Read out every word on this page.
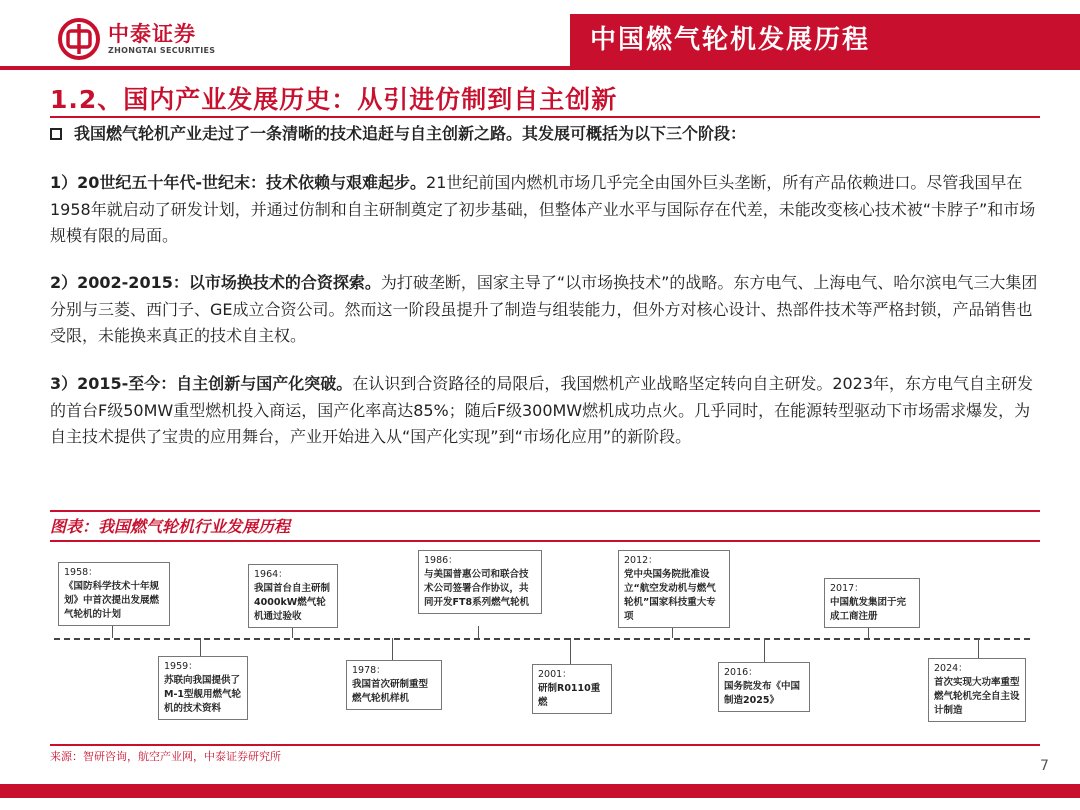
中泰证券
ZHONGTAI SECURITIES	中国燃气轮机发展历程
1.2、国内产业发展历史：从引进仿制到自主创新
我国燃气轮机产业走过了一条清晰的技术追赶与自主创新之路。其发展可概括为以下三个阶段：
1）20世纪五十年代-世纪末：技术依赖与艰难起步。21世纪前国内燃机市场几乎完全由国外巨头垄断，所有产品依赖进口。尽管我国早在1958年就启动了研发计划，并通过仿制和自主研制奠定了初步基础，但整体产业水平与国际存在代差，未能改变核心技术被“卡脖子”和市场规模有限的局面。
2）2002-2015：以市场换技术的合资探索。为打破垄断，国家主导了“以市场换技术”的战略。东方电气、上海电气、哈尔滨电气三大集团分别与三菱、西门子、GE成立合资公司。然而这一阶段虽提升了制造与组装能力，但外方对核心设计、热部件技术等严格封锁，产品销售也受限，未能换来真正的技术自主权。
3）2015-至今：自主创新与国产化突破。在认识到合资路径的局限后，我国燃机产业战略坚定转向自主研发。2023年，东方电气自主研发的首台F级50MW重型燃机投入商运，国产化率高达85%；随后F级300MW燃机成功点火。几乎同时，在能源转型驱动下市场需求爆发，为自主技术提供了宝贵的应用舞台，产业开始进入从“国产化实现”到“市场化应用”的新阶段。
图表：我国燃气轮机行业发展历程
1958：
《国防科学技术十年规划》中首次提出发展燃气轮机的计划
1964：
我国首台自主研制4000kW燃气轮机通过验收
1986：
与美国普惠公司和联合技术公司签署合作协议，共同开发FT8系列燃气轮机
2012：
党中央国务院批准设立“航空发动机与燃气轮机”国家科技重大专项
2017：
中国航发集团于完成工商注册
1959：
苏联向我国提供了M-1型舰用燃气轮机的技术资料
1978：
我国首次研制重型燃气轮机样机
2001：
研制R0110重燃
2016：
国务院发布《中国制造2025》
2024：
首次实现大功率重型燃气轮机完全自主设计制造
来源：智研咨询，航空产业网，中泰证券研究所
7
